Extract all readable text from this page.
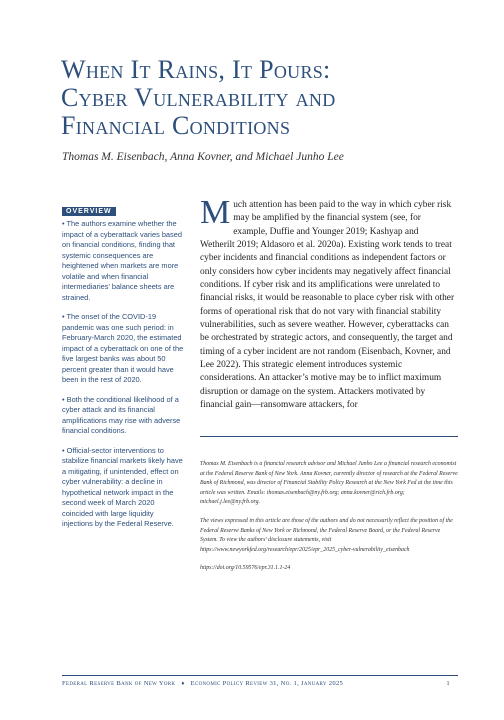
When It Rains, It Pours:
Cyber Vulnerability and
Financial Conditions
Thomas M. Eisenbach, Anna Kovner, and Michael Junho Lee
OVERVIEW

• The authors examine whether the impact of a cyberattack varies based on financial conditions, finding that systemic consequences are heightened when markets are more volatile and when financial intermediaries’ balance sheets are strained.

• The onset of the COVID-19 pandemic was one such period: in February-March 2020, the estimated impact of a cyberattack on one of the five largest banks was about 50 percent greater than it would have been in the rest of 2020.

• Both the conditional likelihood of a cyber attack and its financial amplifications may rise with adverse financial conditions.

• Official-sector interventions to stabilize financial markets likely have a mitigating, if unintended, effect on cyber vulnerability: a decline in hypothetical network impact in the second week of March 2020 coincided with large liquidity injections by the Federal Reserve.

Much attention has been paid to the way in which cyber risk may be amplified by the financial system (see, for example, Duffie and Younger 2019; Kashyap and Wetherilt 2019; Aldasoro et al. 2020a). Existing work tends to treat cyber incidents and financial conditions as independent factors or only considers how cyber incidents may negatively affect financial conditions. If cyber risk and its amplifications were unrelated to financial risks, it would be reasonable to place cyber risk with other forms of operational risk that do not vary with financial stability vulnerabilities, such as severe weather. However, cyberattacks can be orchestrated by strategic actors, and consequently, the target and timing of a cyber incident are not random (Eisenbach, Kovner, and Lee 2022). This strategic element introduces systemic considerations. An attacker’s motive may be to inflict maximum disruption or damage on the system. Attackers motivated by financial gain—ransomware attackers, for

Thomas M. Eisenbach is a financial research advisor and Michael Junho Lee a financial research economist at the Federal Reserve Bank of New York. Anna Kovner, currently director of research at the Federal Reserve Bank of Richmond, was director of Financial Stability Policy Research at the New York Fed at the time this article was written. Emails: thomas.eisenbach@ny.frb.org; anna.kovner@rich.frb.org; michael.j.lee@ny.frb.org.

The views expressed in this article are those of the authors and do not necessarily reflect the position of the Federal Reserve Banks of New York or Richmond, the Federal Reserve Board, or the Federal Reserve System. To view the authors’ disclosure statements, visit https://www.newyorkfed.org/research/epr/2025/epr_2025_cyber-vulnerability_eisenbach

https://doi.org/10.59576/epr.31.1.1-24

Federal Reserve Bank of New York ♦ Economic Policy Review 31, No. 1, January 2025	1
